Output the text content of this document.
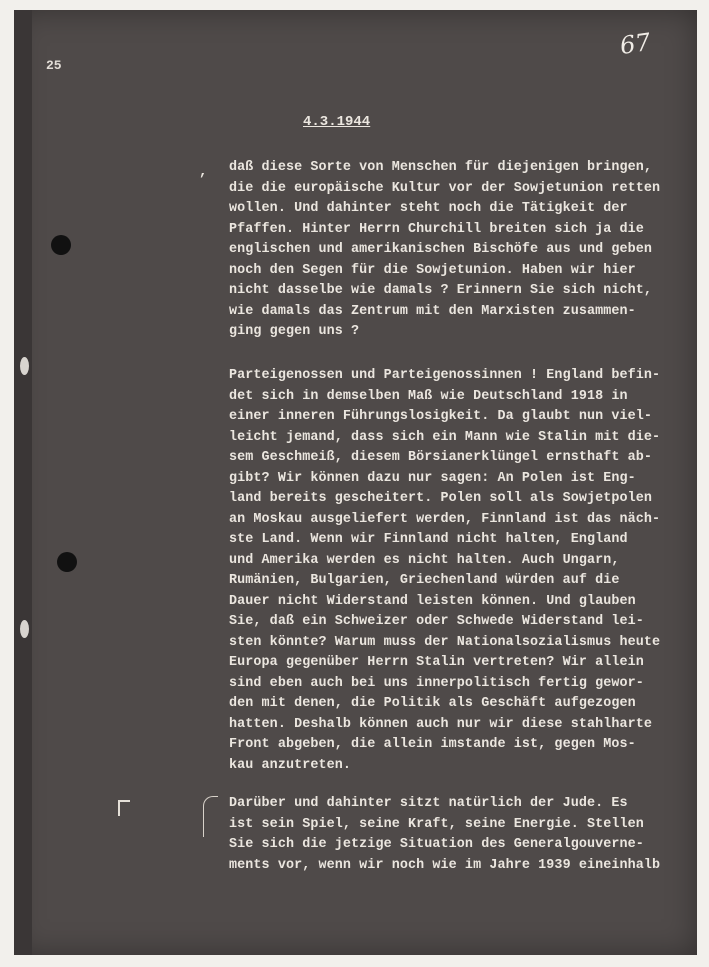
25
67
4.3.1944
, daß diese Sorte von Menschen für diejenigen bringen,
die die europäische Kultur vor der Sowjetunion retten
wollen. Und dahinter steht noch die Tätigkeit der
Pfaffen. Hinter Herrn Churchill breiten sich ja die
englischen und amerikanischen Bischöfe aus und geben
noch den Segen für die Sowjetunion. Haben wir hier
nicht dasselbe wie damals ? Erinnern Sie sich nicht,
wie damals das Zentrum mit den Marxisten zusammen-
ging gegen uns ?
Parteigenossen und Parteigenossinnen ! England befin-
det sich in demselben Maß wie Deutschland 1918 in
einer inneren Führungslosigkeit. Da glaubt nun viel-
leicht jemand, dass sich ein Mann wie Stalin mit die-
sem Geschmeiß, diesem Börsianerklüngel ernsthaft ab-
gibt? Wir können dazu nur sagen: An Polen ist Eng-
land bereits gescheitert. Polen soll als Sowjetpolen
an Moskau ausgeliefert werden, Finnland ist das näch-
ste Land. Wenn wir Finnland nicht halten, England
und Amerika werden es nicht halten. Auch Ungarn,
Rumänien, Bulgarien, Griechenland würden auf die
Dauer nicht Widerstand leisten können. Und glauben
Sie, daß ein Schweizer oder Schwede Widerstand lei-
sten könnte? Warum muss der Nationalsozialismus heute
Europa gegenüber Herrn Stalin vertreten? Wir allein
sind eben auch bei uns innerpolitisch fertig gewor-
den mit denen, die Politik als Geschäft aufgezogen
hatten. Deshalb können auch nur wir diese stahlharte
Front abgeben, die allein imstande ist, gegen Mos-
kau anzutreten.
Darüber und dahinter sitzt natürlich der Jude. Es
ist sein Spiel, seine Kraft, seine Energie. Stellen
Sie sich die jetzige Situation des Generalgouverne-
ments vor, wenn wir noch wie im Jahre 1939 eineinhalb
